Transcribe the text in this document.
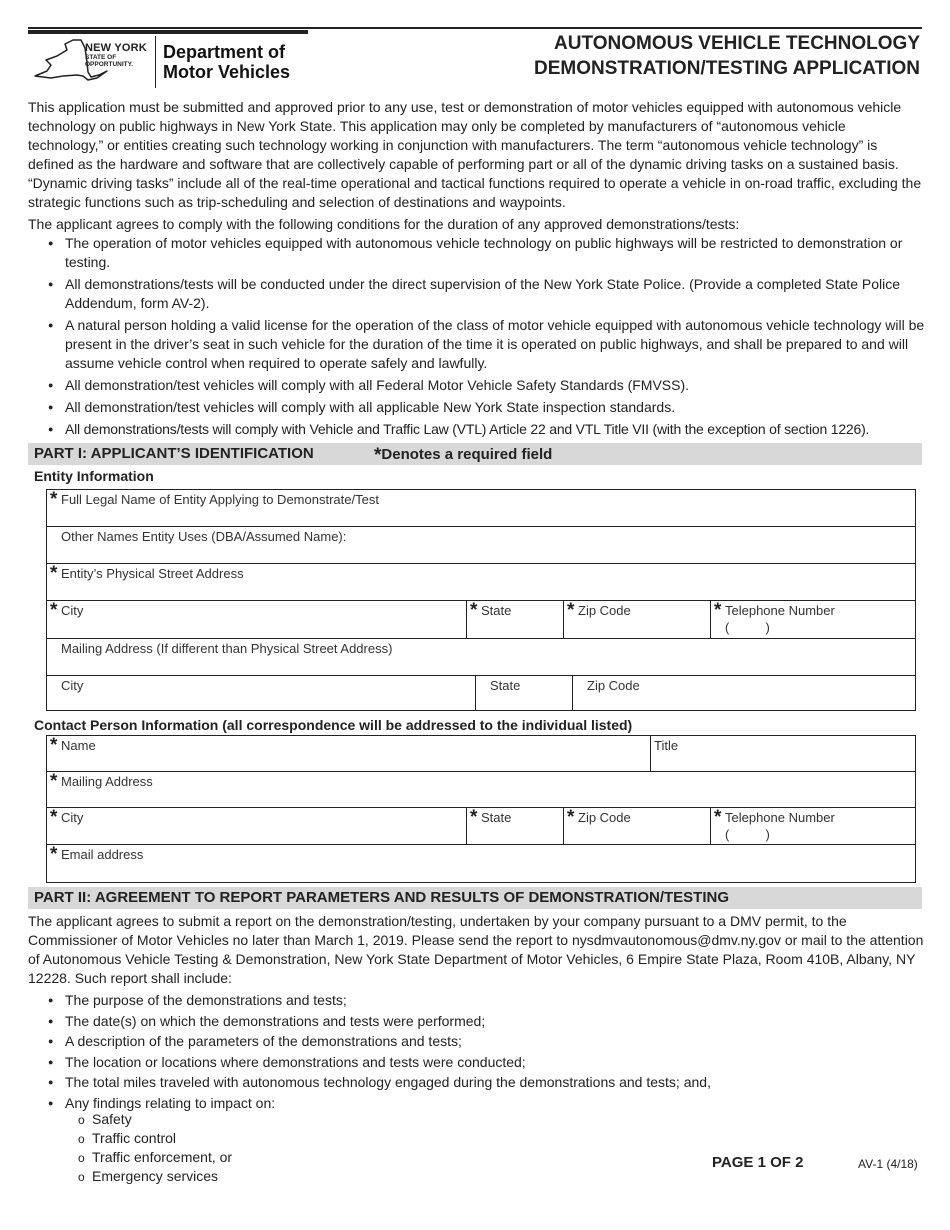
NEW YORK
STATE OF
OPPORTUNITY.
Department of
Motor Vehicles
AUTONOMOUS VEHICLE TECHNOLOGY
DEMONSTRATION/TESTING APPLICATION

This application must be submitted and approved prior to any use, test or demonstration of motor vehicles equipped with autonomous vehicle technology on public highways in New York State. This application may only be completed by manufacturers of “autonomous vehicle technology,” or entities creating such technology working in conjunction with manufacturers. The term “autonomous vehicle technology” is defined as the hardware and software that are collectively capable of performing part or all of the dynamic driving tasks on a sustained basis. “Dynamic driving tasks” include all of the real-time operational and tactical functions required to operate a vehicle in on-road traffic, excluding the strategic functions such as trip-scheduling and selection of destinations and waypoints.

The applicant agrees to comply with the following conditions for the duration of any approved demonstrations/tests:

● The operation of motor vehicles equipped with autonomous vehicle technology on public highways will be restricted to demonstration or testing.
● All demonstrations/tests will be conducted under the direct supervision of the New York State Police. (Provide a completed State Police Addendum, form AV-2).
● A natural person holding a valid license for the operation of the class of motor vehicle equipped with autonomous vehicle technology will be present in the driver’s seat in such vehicle for the duration of the time it is operated on public highways, and shall be prepared to and will assume vehicle control when required to operate safely and lawfully.
● All demonstration/test vehicles will comply with all Federal Motor Vehicle Safety Standards (FMVSS).
● All demonstration/test vehicles will comply with all applicable New York State inspection standards.
● All demonstrations/tests will comply with Vehicle and Traffic Law (VTL) Article 22 and VTL Title VII (with the exception of section 1226).
PART I: APPLICANT’S IDENTIFICATION	*Denotes a required field
Entity Information
* Full Legal Name of Entity Applying to Demonstrate/Test
Other Names Entity Uses (DBA/Assumed Name):
* Entity’s Physical Street Address
* City	* State	* Zip Code	* Telephone Number
(          )
Mailing Address (If different than Physical Street Address)
City	State	Zip Code
Contact Person Information (all correspondence will be addressed to the individual listed)
* Name	Title
* Mailing Address
* City	* State	* Zip Code	* Telephone Number
(          )
* Email address
PART II: AGREEMENT TO REPORT PARAMETERS AND RESULTS OF DEMONSTRATION/TESTING

The applicant agrees to submit a report on the demonstration/testing, undertaken by your company pursuant to a DMV permit, to the Commissioner of Motor Vehicles no later than March 1, 2019. Please send the report to nysdmvautonomous@dmv.ny.gov or mail to the attention of Autonomous Vehicle Testing & Demonstration, New York State Department of Motor Vehicles, 6 Empire State Plaza, Room 410B, Albany, NY 12228. Such report shall include:

● The purpose of the demonstrations and tests;
● The date(s) on which the demonstrations and tests were performed;
● A description of the parameters of the demonstrations and tests;
● The location or locations where demonstrations and tests were conducted;
● The total miles traveled with autonomous technology engaged during the demonstrations and tests; and,
● Any findings relating to impact on:
o Safety
o Traffic control
o Traffic enforcement, or
o Emergency services
PAGE 1 OF 2	AV-1 (4/18)
